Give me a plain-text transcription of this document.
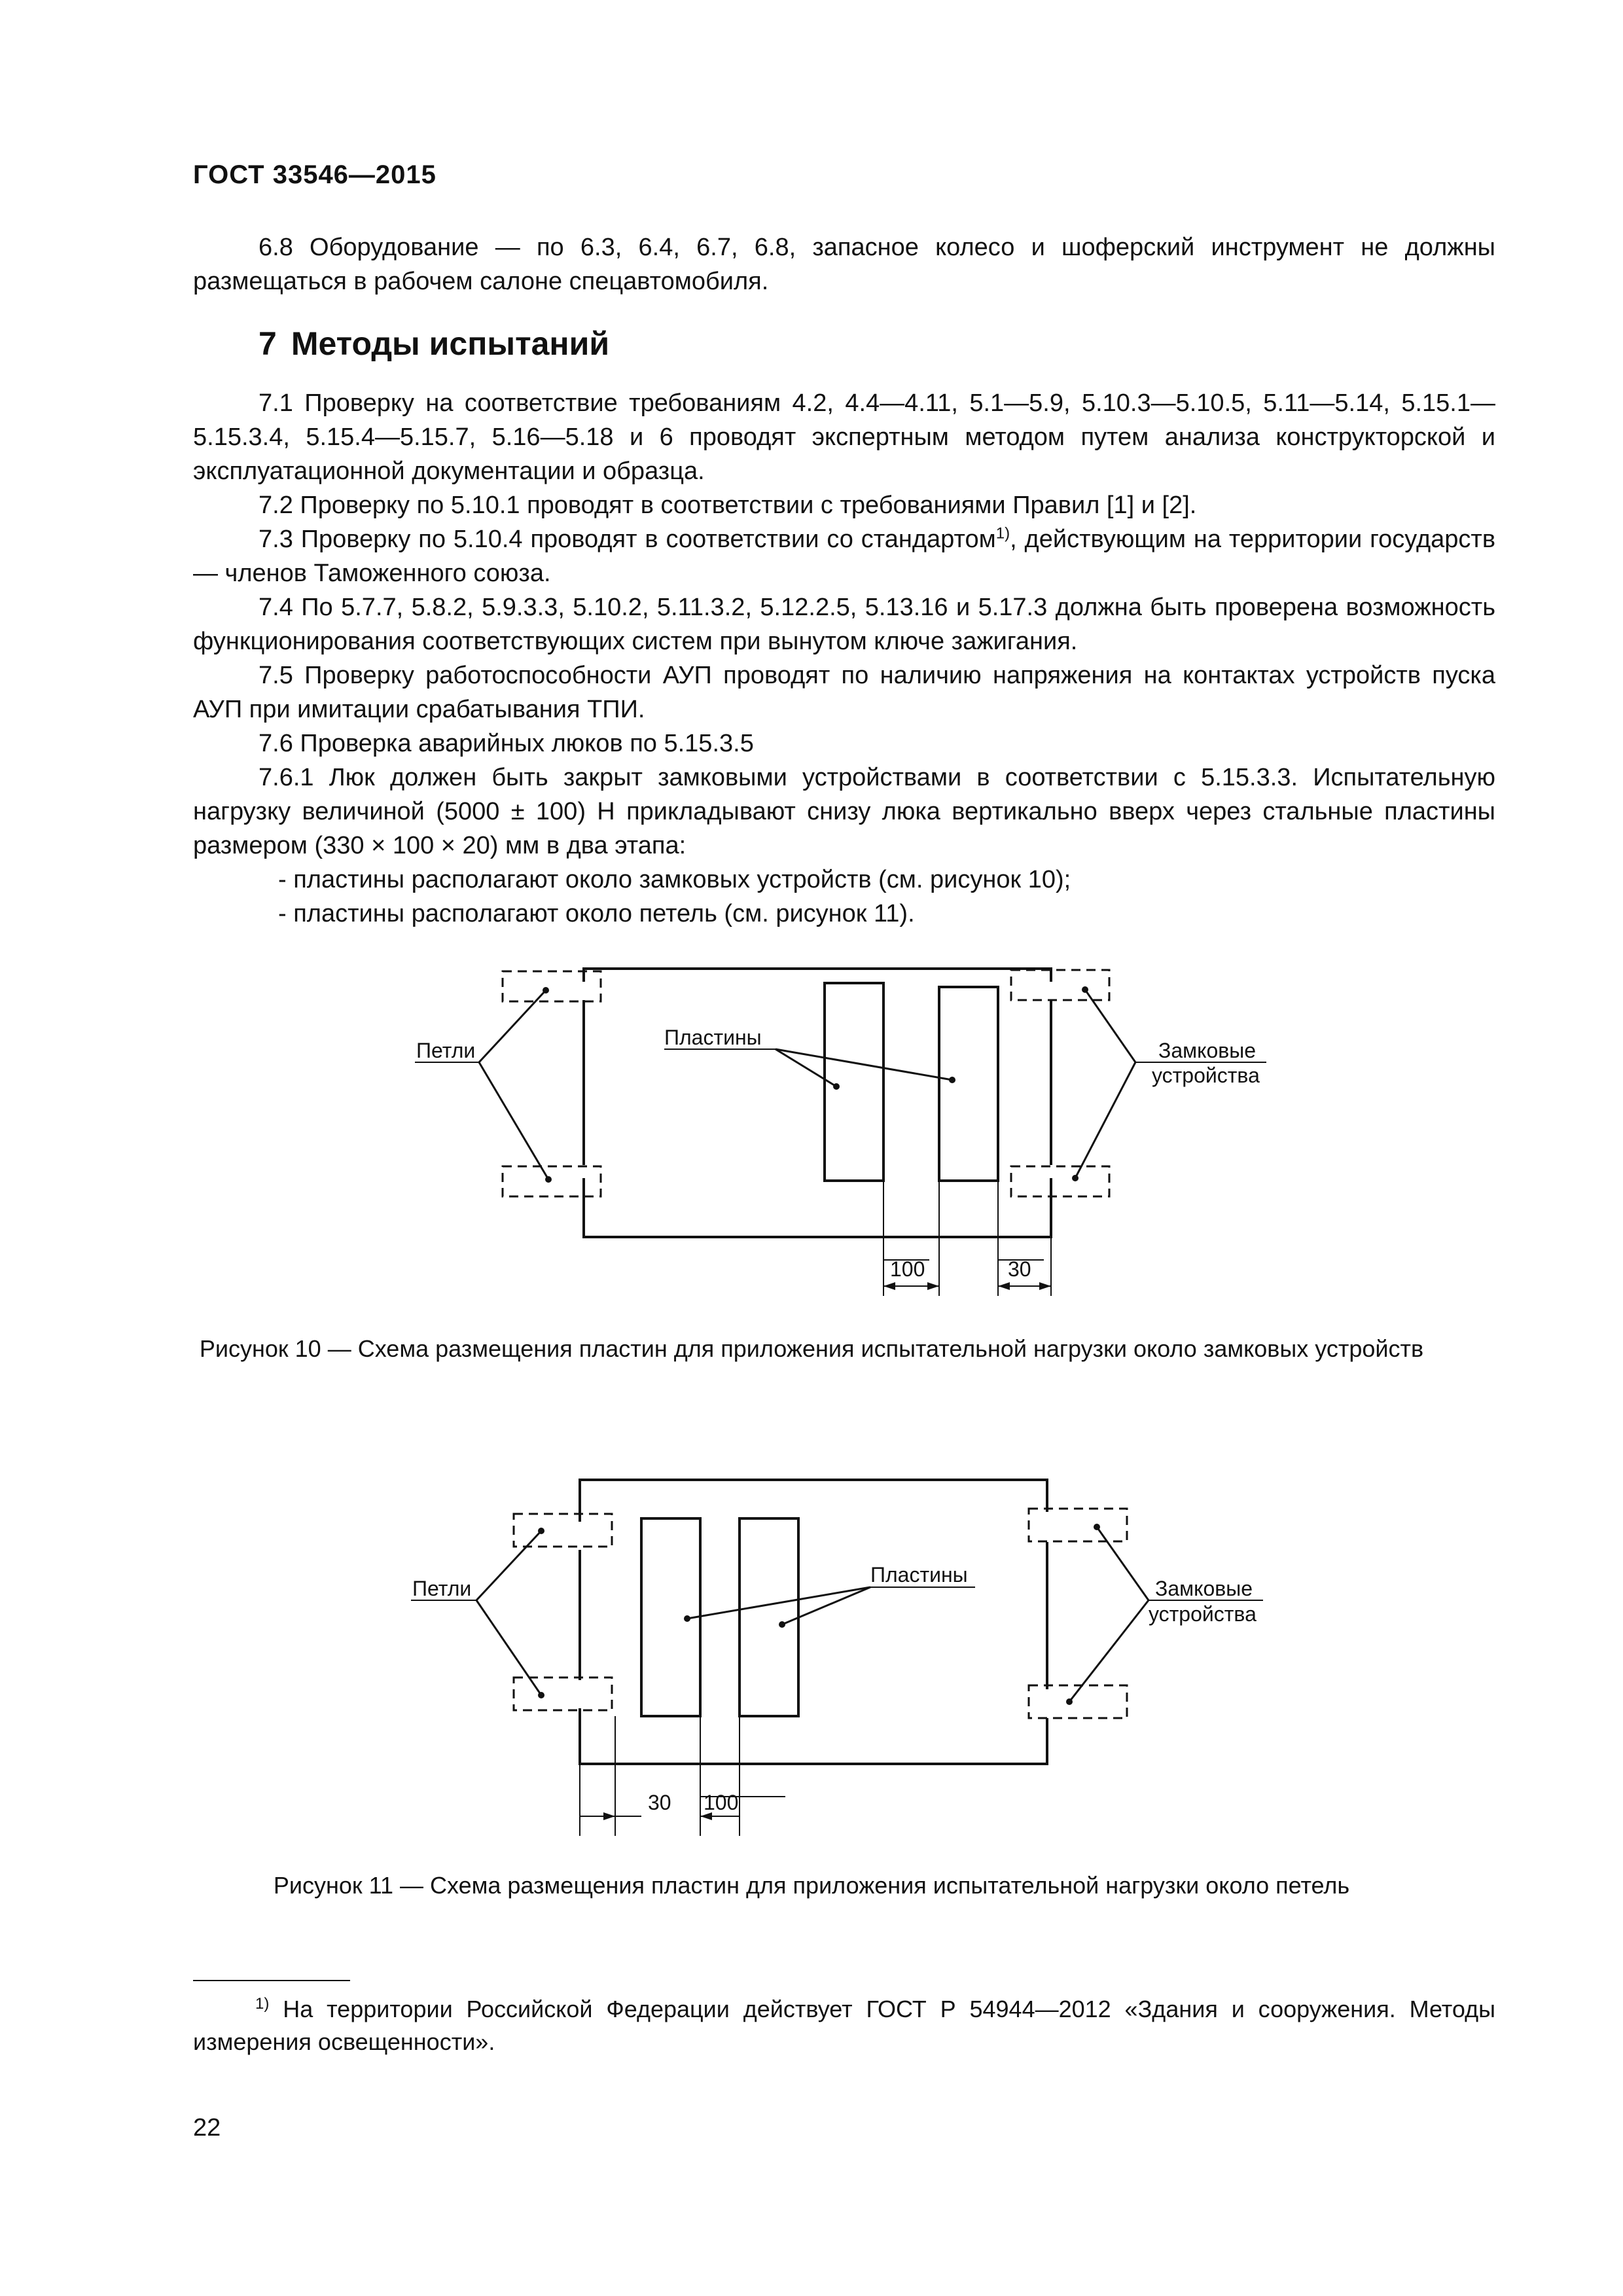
ГОСТ 33546—2015

6.8 Оборудование — по 6.3, 6.4, 6.7, 6.8, запасное колесо и шоферский инструмент не должны размещаться в рабочем салоне спецавтомобиля.

7 Методы испытаний

7.1 Проверку на соответствие требованиям 4.2, 4.4—4.11, 5.1—5.9, 5.10.3—5.10.5, 5.11—5.14, 5.15.1—5.15.3.4, 5.15.4—5.15.7, 5.16—5.18 и 6 проводят экспертным методом путем анализа конструкторской и эксплуатационной документации и образца.

7.2 Проверку по 5.10.1 проводят в соответствии с требованиями Правил [1] и [2].

7.3 Проверку по 5.10.4 проводят в соответствии со стандартом$^{1)}$, действующим на территории государств — членов Таможенного союза.

7.4 По 5.7.7, 5.8.2, 5.9.3.3, 5.10.2, 5.11.3.2, 5.12.2.5, 5.13.16 и 5.17.3 должна быть проверена возможность функционирования соответствующих систем при вынутом ключе зажигания.

7.5 Проверку работоспособности АУП проводят по наличию напряжения на контактах устройств пуска АУП при имитации срабатывания ТПИ.

7.6 Проверка аварийных люков по 5.15.3.5

7.6.1 Люк должен быть закрыт замковыми устройствами в соответствии с 5.15.3.3. Испытательную нагрузку величиной (5000 ± 100) Н прикладывают снизу люка вертикально вверх через стальные пластины размером (330 × 100 × 20) мм в два этапа:

- пластины располагают около замковых устройств (см. рисунок 10);

- пластины располагают около петель (см. рисунок 11).

Петли
Пластины
Замковые
устройства
100	30
Рисунок 10 — Схема размещения пластин для приложения испытательной нагрузки около замковых устройств
Петли
Пластины
Замковые
устройства
30 100
Рисунок 11 — Схема размещения пластин для приложения испытательной нагрузки около петель

$^{1)}$ На территории Российской Федерации действует ГОСТ Р 54944—2012 «Здания и сооружения. Методы измерения освещенности».

22
